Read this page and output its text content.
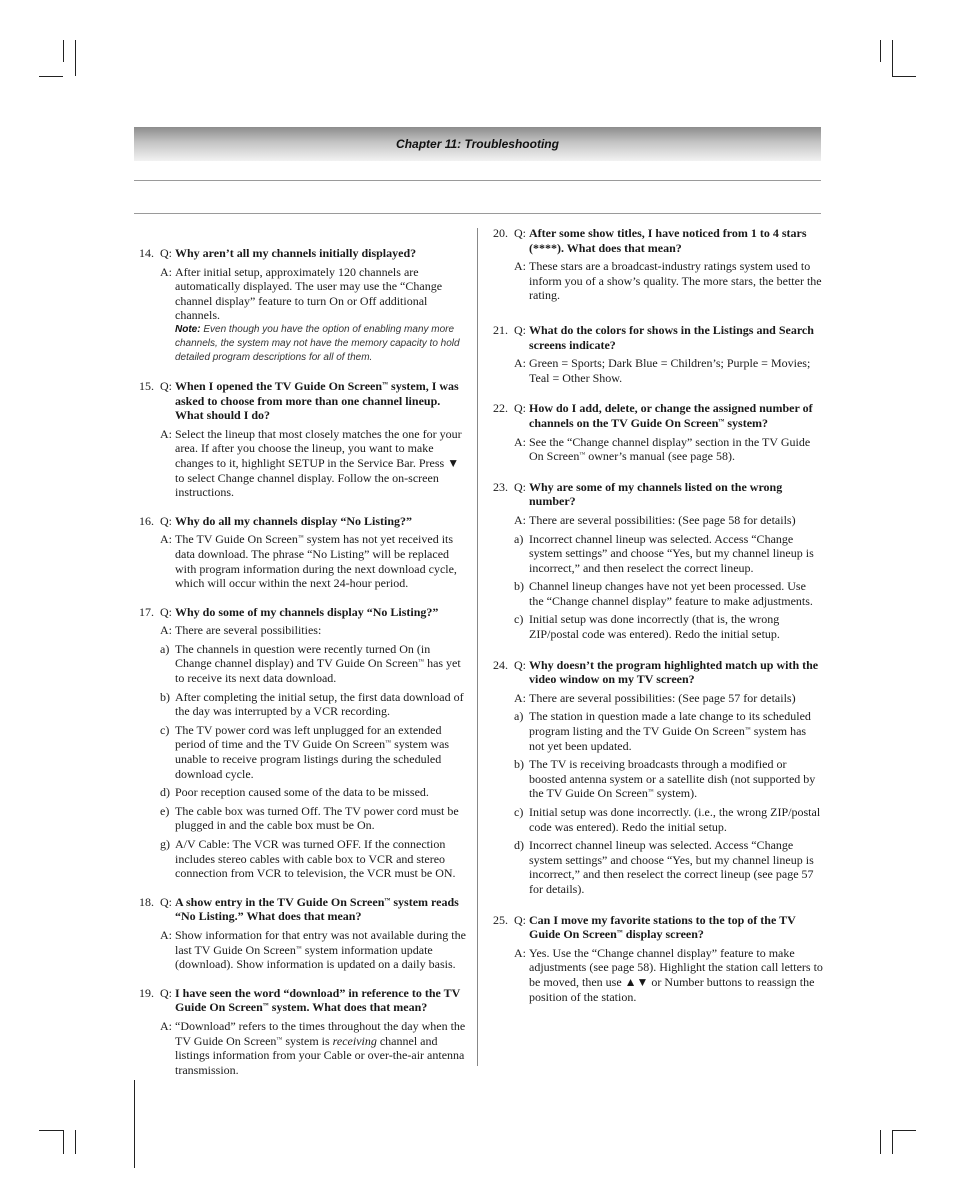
Chapter 11: Troubleshooting
14. Q: Why aren’t all my channels initially displayed?
A: After initial setup, approximately 120 channels are automatically displayed. The user may use the “Change channel display” feature to turn On or Off additional channels.
Note: Even though you have the option of enabling many more channels, the system may not have the memory capacity to hold detailed program descriptions for all of them.
15. Q: When I opened the TV Guide On Screen™ system, I was asked to choose from more than one channel lineup. What should I do?
A: Select the lineup that most closely matches the one for your area. If after you choose the lineup, you want to make changes to it, highlight SETUP in the Service Bar. Press ▼ to select Change channel display. Follow the on-screen instructions.
16. Q: Why do all my channels display “No Listing?”
A: The TV Guide On Screen™ system has not yet received its data download. The phrase “No Listing” will be replaced with program information during the next download cycle, which will occur within the next 24-hour period.
17. Q: Why do some of my channels display “No Listing?”
A: There are several possibilities:
a) The channels in question were recently turned On (in Change channel display) and TV Guide On Screen™ has yet to receive its next data download.
b) After completing the initial setup, the first data download of the day was interrupted by a VCR recording.
c) The TV power cord was left unplugged for an extended period of time and the TV Guide On Screen™ system was unable to receive program listings during the scheduled download cycle.
d) Poor reception caused some of the data to be missed.
e) The cable box was turned Off. The TV power cord must be plugged in and the cable box must be On.
g) A/V Cable: The VCR was turned OFF. If the connection includes stereo cables with cable box to VCR and stereo connection from VCR to television, the VCR must be ON.
18. Q: A show entry in the TV Guide On Screen™ system reads “No Listing.” What does that mean?
A: Show information for that entry was not available during the last TV Guide On Screen™ system information update (download). Show information is updated on a daily basis.
19. Q: I have seen the word “download” in reference to the TV Guide On Screen™ system. What does that mean?
A: “Download” refers to the times throughout the day when the TV Guide On Screen™ system is receiving channel and listings information from your Cable or over-the-air antenna transmission.
20. Q: After some show titles, I have noticed from 1 to 4 stars (****). What does that mean?
A: These stars are a broadcast-industry ratings system used to inform you of a show’s quality. The more stars, the better the rating.
21. Q: What do the colors for shows in the Listings and Search screens indicate?
A: Green = Sports; Dark Blue = Children’s; Purple = Movies; Teal = Other Show.
22. Q: How do I add, delete, or change the assigned number of channels on the TV Guide On Screen™ system?
A: See the “Change channel display” section in the TV Guide On Screen™ owner’s manual (see page 58).
23. Q: Why are some of my channels listed on the wrong number?
A: There are several possibilities: (See page 58 for details)
a) Incorrect channel lineup was selected. Access “Change system settings” and choose “Yes, but my channel lineup is incorrect,” and then reselect the correct lineup.
b) Channel lineup changes have not yet been processed. Use the “Change channel display” feature to make adjustments.
c) Initial setup was done incorrectly (that is, the wrong ZIP/postal code was entered). Redo the initial setup.
24. Q: Why doesn’t the program highlighted match up with the video window on my TV screen?
A: There are several possibilities: (See page 57 for details)
a) The station in question made a late change to its scheduled program listing and the TV Guide On Screen™ system has not yet been updated.
b) The TV is receiving broadcasts through a modified or boosted antenna system or a satellite dish (not supported by the TV Guide On Screen™ system).
c) Initial setup was done incorrectly. (i.e., the wrong ZIP/postal code was entered). Redo the initial setup.
d) Incorrect channel lineup was selected. Access “Change system settings” and choose “Yes, but my channel lineup is incorrect,” and then reselect the correct lineup (see page 57 for details).
25. Q: Can I move my favorite stations to the top of the TV Guide On Screen™ display screen?
A: Yes. Use the “Change channel display” feature to make adjustments (see page 58). Highlight the station call letters to be moved, then use ▲▼ or Number buttons to reassign the position of the station.
